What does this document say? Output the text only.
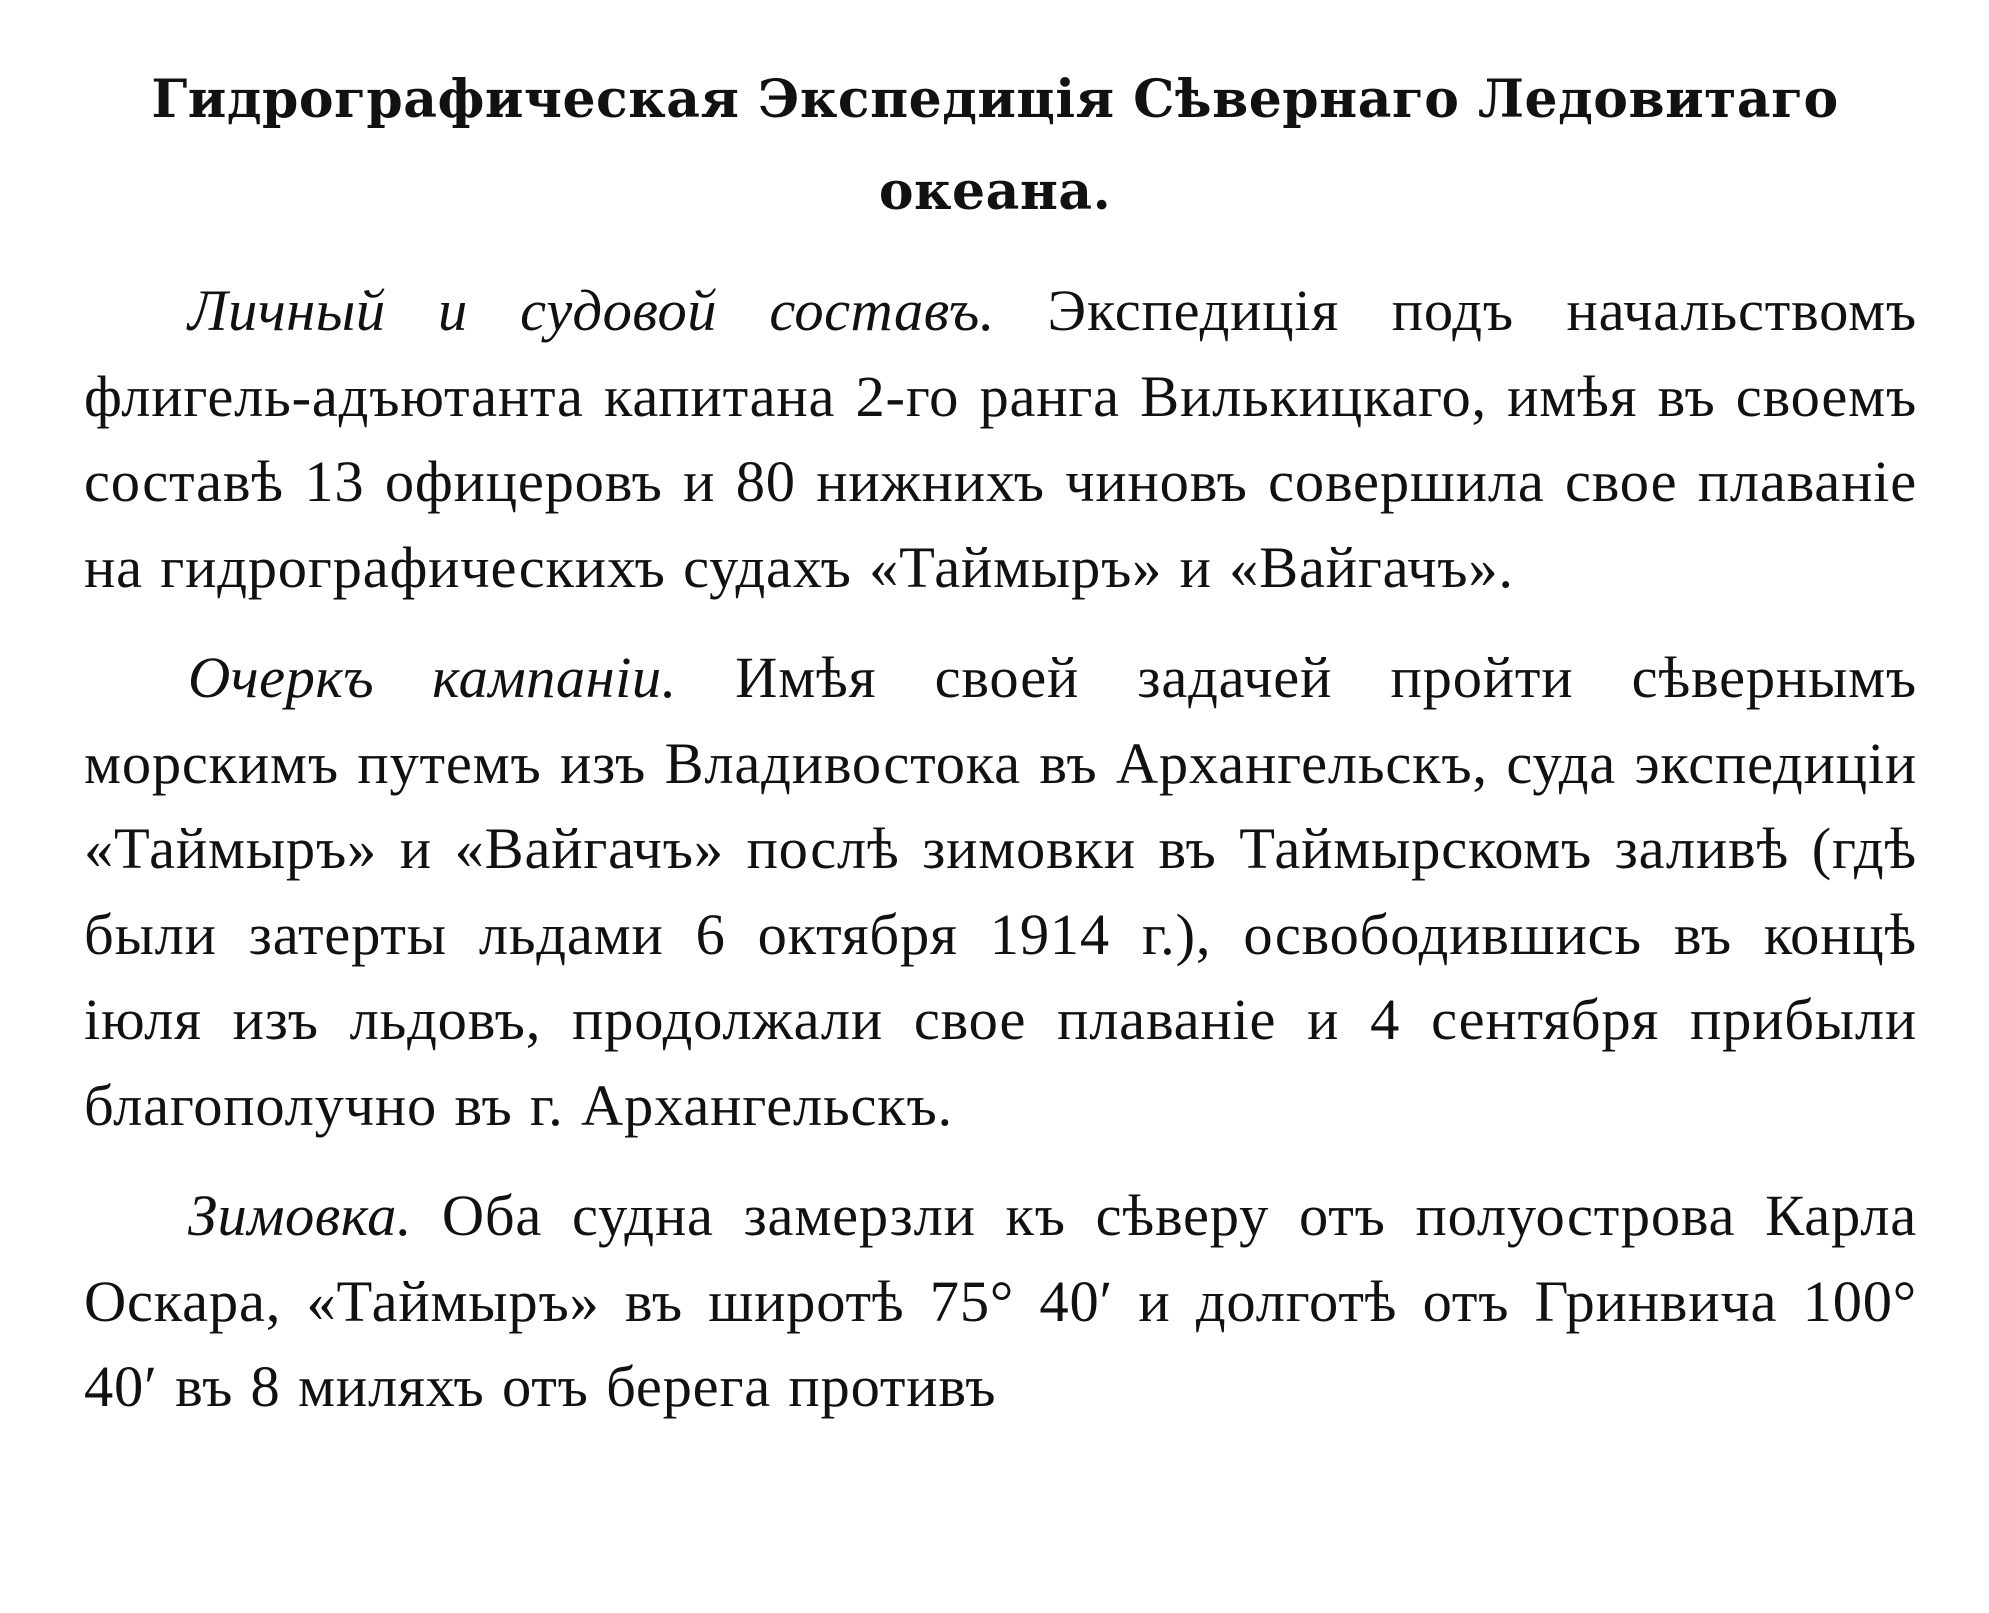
Гидрографическая Экспедиція Сѣвернаго Ледовитаго океана.

Личный и судовой составъ. Экспедиція подъ начальствомъ флигель-адъютанта капитана 2-го ранга Вилькицкаго, имѣя въ своемъ составѣ 13 офицеровъ и 80 нижнихъ чиновъ совершила свое плаваніе на гидрографическихъ судахъ «Таймыръ» и «Вайгачъ».

Очеркъ кампаніи. Имѣя своей задачей пройти сѣвернымъ морскимъ путемъ изъ Владивостока въ Архангельскъ, суда экспедиціи «Таймыръ» и «Вайгачъ» послѣ зимовки въ Таймырскомъ заливѣ (гдѣ были затерты льдами 6 октября 1914 г.), освободившись въ концѣ іюля изъ льдовъ, продолжали свое плаваніе и 4 сентября прибыли благополучно въ г. Архангельскъ.

Зимовка. Оба судна замерзли къ сѣверу отъ полуострова Карла Оскара, «Таймыръ» въ широтѣ 75° 40′ и долготѣ отъ Гринвича 100° 40′ въ 8 миляхъ отъ берега противъ
